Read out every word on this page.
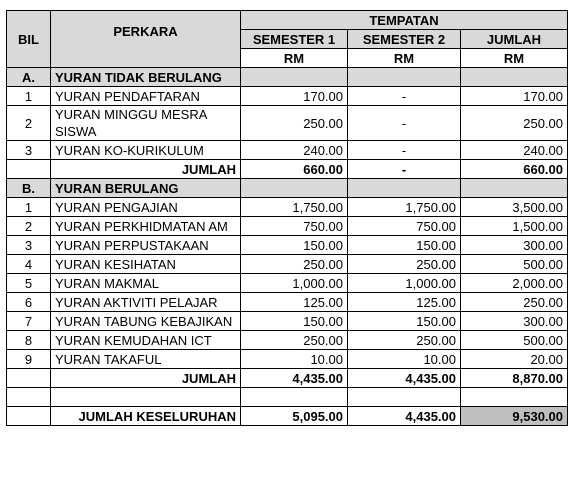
BIL	PERKARA	TEMPATAN		
		SEMESTER 1	SEMESTER 2	JUMLAH
		RM	RM	RM
A.	YURAN TIDAK BERULANG			
1	YURAN PENDAFTARAN	170.00	-	170.00
2	YURAN MINGGU MESRA SISWA	250.00	-	250.00
3	YURAN KO-KURIKULUM	240.00	-	240.00
	JUMLAH	660.00	-	660.00
B.	YURAN BERULANG			
1	YURAN PENGAJIAN	1,750.00	1,750.00	3,500.00
2	YURAN PERKHIDMATAN AM	750.00	750.00	1,500.00
3	YURAN PERPUSTAKAAN	150.00	150.00	300.00
4	YURAN KESIHATAN	250.00	250.00	500.00
5	YURAN MAKMAL	1,000.00	1,000.00	2,000.00
6	YURAN AKTIVITI PELAJAR	125.00	125.00	250.00
7	YURAN TABUNG KEBAJIKAN	150.00	150.00	300.00
8	YURAN KEMUDAHAN ICT	250.00	250.00	500.00
9	YURAN TAKAFUL	10.00	10.00	20.00
	JUMLAH	4,435.00	4,435.00	8,870.00

	JUMLAH KESELURUHAN	5,095.00	4,435.00	9,530.00
